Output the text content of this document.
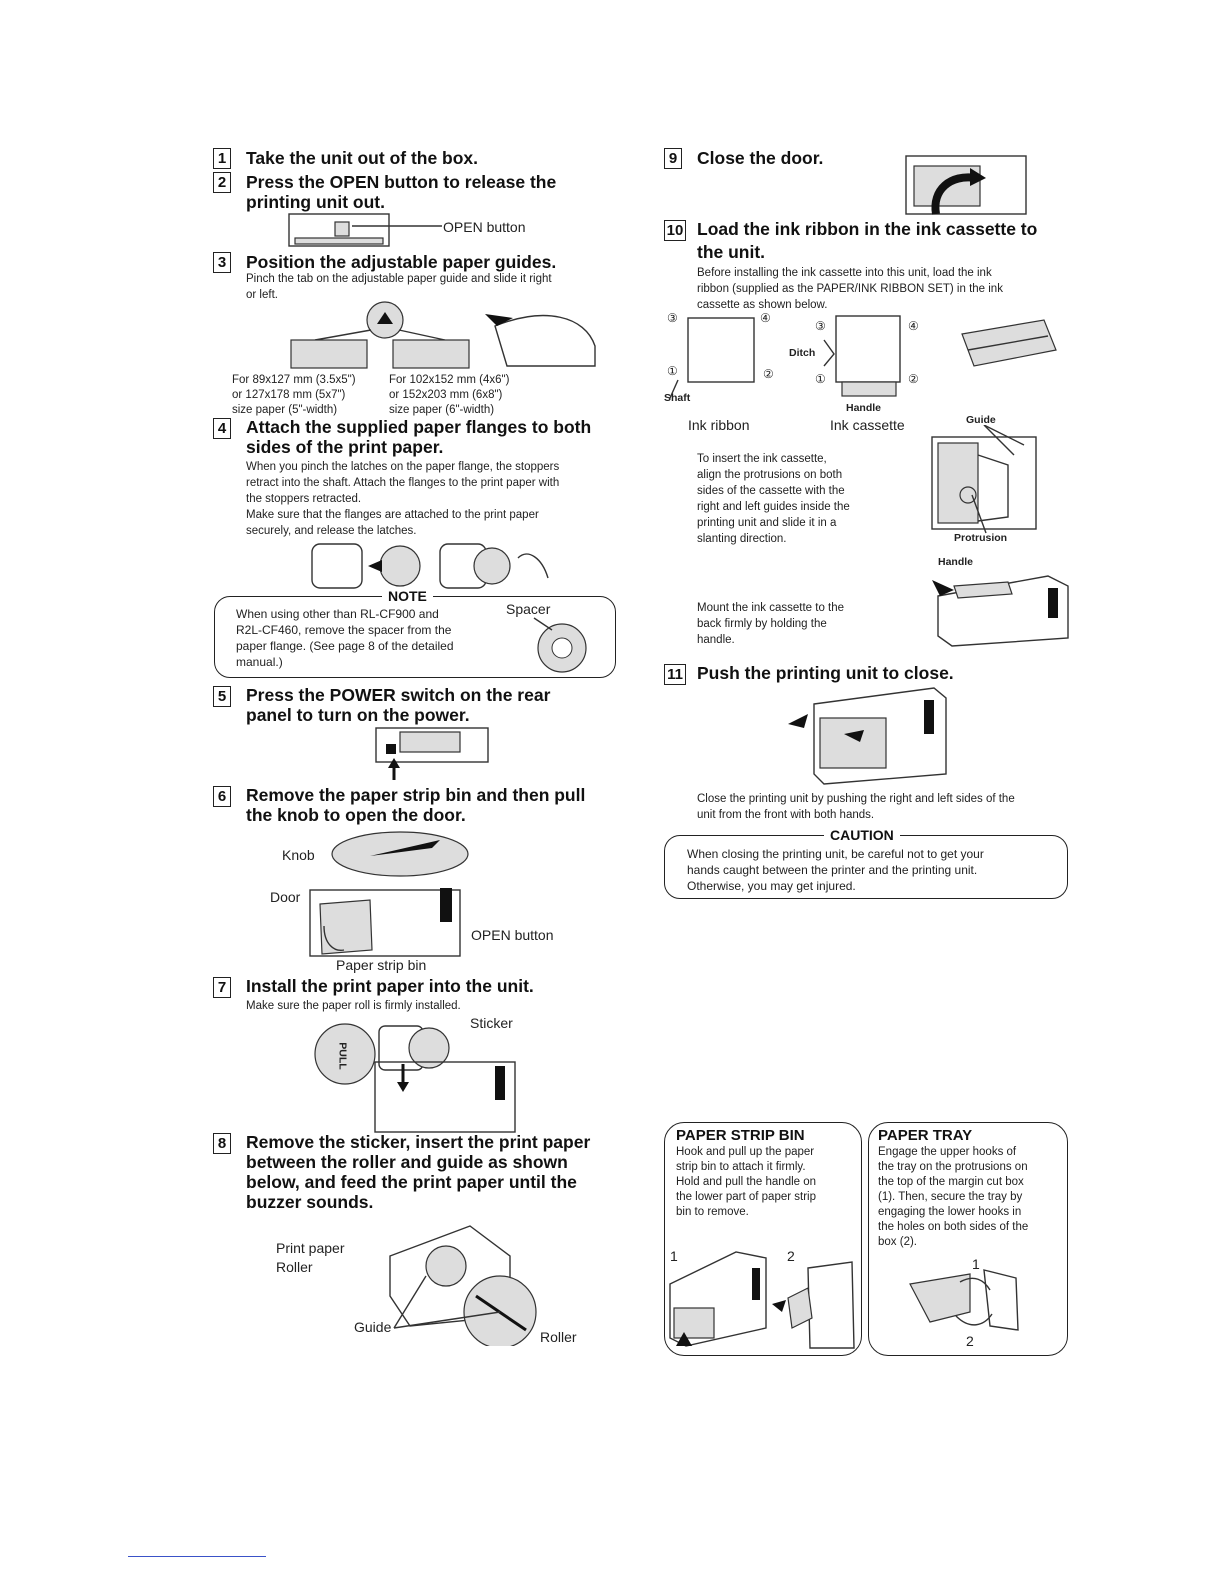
1 Take the unit out of the box.
2 Press the OPEN button to release the
printing unit out.
OPEN button
3 Position the adjustable paper guides.
Pinch the tab on the adjustable paper guide and slide it right
or left.
For 89x127 mm (3.5x5")
or 127x178 mm (5x7")
size paper (5"-width)
For 102x152 mm (4x6")
or 152x203 mm (6x8")
size paper (6"-width)
4 Attach the supplied paper flanges to both
sides of the print paper.
When you pinch the latches on the paper flange, the stoppers
retract into the shaft. Attach the flanges to the print paper with
the stoppers retracted.
Make sure that the flanges are attached to the print paper
securely, and release the latches.
NOTE
When using other than RL-CF900 and
R2L-CF460, remove the spacer from the
paper flange. (See page 8 of the detailed
manual.)
Spacer
5 Press the POWER switch on the rear
panel to turn on the power.
6 Remove the paper strip bin and then pull
the knob to open the door.
Knob
Door
OPEN button
Paper strip bin
7 Install the print paper into the unit.
Make sure the paper roll is firmly installed.
Sticker
PULL
8 Remove the sticker, insert the print paper
between the roller and guide as shown
below, and feed the print paper until the
buzzer sounds.
Print paper
Roller
Guide
Roller
9 Close the door.
10 Load the ink ribbon in the ink cassette to
the unit.
Before installing the ink cassette into this unit, load the ink
ribbon (supplied as the PAPER/INK RIBBON SET) in the ink
cassette as shown below.
③	④
①	②
③	④
①	②
Ditch
Shaft
Handle
Ink ribbon	Ink cassette	Guide
Protrusion
To insert the ink cassette,
align the protrusions on both
sides of the cassette with the
right and left guides inside the
printing unit and slide it in a
slanting direction.
Handle
Mount the ink cassette to the
back firmly by holding the
handle.
11 Push the printing unit to close.
Close the printing unit by pushing the right and left sides of the
unit from the front with both hands.
CAUTION
When closing the printing unit, be careful not to get your
hands caught between the printer and the printing unit.
Otherwise, you may get injured.
PAPER STRIP BIN
Hook and pull up the paper
strip bin to attach it firmly.
Hold and pull the handle on
the lower part of paper strip
bin to remove.
1	2
PAPER TRAY
Engage the upper hooks of
the tray on the protrusions on
the top of the margin cut box
(1). Then, secure the tray by
engaging the lower hooks in
the holes on both sides of the
box (2).
1
2
